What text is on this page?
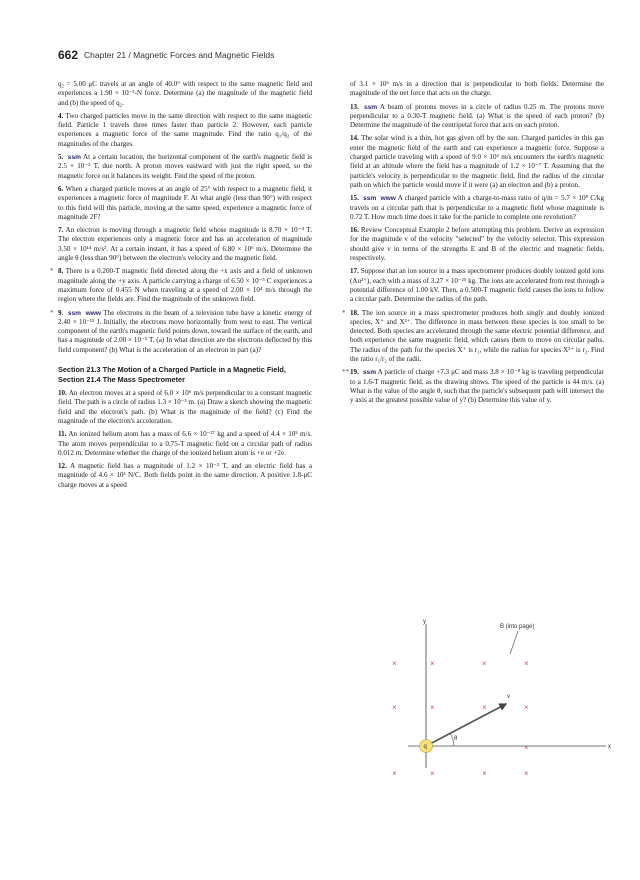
662 Chapter 21 / Magnetic Forces and Magnetic Fields

q₂ = 5.00 μC travels at an angle of 40.0° with respect to the same magnetic field and experiences a 1.90 × 10⁻³-N force. Determine (a) the magnitude of the magnetic field and (b) the speed of q₂.

4. Two charged particles move in the same direction with respect to the same magnetic field. Particle 1 travels three times faster than particle 2. However, each particle experiences a magnetic force of the same magnitude. Find the ratio q₁/q₂ of the magnitudes of the charges.

5. ssm At a certain location, the horizontal component of the earth's magnetic field is 2.5 × 10⁻⁵ T, due north. A proton moves eastward with just the right speed, so the magnetic force on it balances its weight. Find the speed of the proton.

6. When a charged particle moves at an angle of 25° with respect to a magnetic field, it experiences a magnetic force of magnitude F. At what angle (less than 90°) with respect to this field will this particle, moving at the same speed, experience a magnetic force of magnitude 2F?

7. An electron is moving through a magnetic field whose magnitude is 8.70 × 10⁻⁴ T. The electron experiences only a magnetic force and has an acceleration of magnitude 3.50 × 10¹⁴ m/s². At a certain instant, it has a speed of 6.80 × 10⁶ m/s. Determine the angle θ (less than 90°) between the electron's velocity and the magnetic field.

* 8. There is a 0.200-T magnetic field directed along the +x axis and a field of unknown magnitude along the +y axis. A particle carrying a charge of 6.50 × 10⁻⁵ C experiences a maximum force of 0.455 N when traveling at a speed of 2.00 × 10⁴ m/s through the region where the fields are. Find the magnitude of the unknown field.

* 9. ssm www The electrons in the beam of a television tube have a kinetic energy of 2.40 × 10⁻¹⁵ J. Initially, the electrons move horizontally from west to east. The vertical component of the earth's magnetic field points down, toward the surface of the earth, and has a magnitude of 2.00 × 10⁻⁵ T. (a) In what direction are the electrons deflected by this field component? (b) What is the acceleration of an electron in part (a)?

Section 21.3 The Motion of a Charged Particle in a Magnetic Field, Section 21.4 The Mass Spectrometer

10. An electron moves at a speed of 6.0 × 10⁶ m/s perpendicular to a constant magnetic field. The path is a circle of radius 1.3 × 10⁻³ m. (a) Draw a sketch showing the magnetic field and the electron's path. (b) What is the magnitude of the field? (c) Find the magnitude of the electron's acceleration.

11. An ionized helium atom has a mass of 6.6 × 10⁻²⁷ kg and a speed of 4.4 × 10⁵ m/s. The atom moves perpendicular to a 0.75-T magnetic field on a circular path of radius 0.012 m. Determine whether the charge of the ionized helium atom is +e or +2e.

12. A magnetic field has a magnitude of 1.2 × 10⁻³ T, and an electric field has a magnitude of 4.6 × 10³ N/C. Both fields point in the same direction. A positive 1.8-μC charge moves at a speed

of 3.1 × 10⁶ m/s in a direction that is perpendicular to both fields. Determine the magnitude of the net force that acts on the charge.

13. ssm A beam of protons moves in a circle of radius 0.25 m. The protons move perpendicular to a 0.30-T magnetic field. (a) What is the speed of each proton? (b) Determine the magnitude of the centripetal force that acts on each proton.

14. The solar wind is a thin, hot gas given off by the sun. Charged particles in this gas enter the magnetic field of the earth and can experience a magnetic force. Suppose a charged particle traveling with a speed of 9.0 × 10⁶ m/s encounters the earth's magnetic field at an altitude where the field has a magnitude of 1.2 × 10⁻⁷ T. Assuming that the particle's velocity is perpendicular to the magnetic field, find the radius of the circular path on which the particle would move if it were (a) an electron and (b) a proton.

15. ssm www A charged particle with a charge-to-mass ratio of q/m = 5.7 × 10⁸ C/kg travels on a circular path that is perpendicular to a magnetic field whose magnitude is 0.72 T. How much time does it take for the particle to complete one revolution?

16. Review Conceptual Example 2 before attempting this problem. Derive an expression for the magnitude v of the velocity "selected" by the velocity selector. This expression should give v in terms of the strengths E and B of the electric and magnetic fields, respectively.

17. Suppose that an ion source in a mass spectrometer produces doubly ionized gold ions (Au²⁺), each with a mass of 3.27 × 10⁻²⁵ kg. The ions are accelerated from rest through a potential difference of 1.00 kV. Then, a 0.500-T magnetic field causes the ions to follow a circular path. Determine the radius of the path.

* 18. The ion source in a mass spectrometer produces both singly and doubly ionized species, X⁺ and X²⁺. The difference in mass between these species is too small to be detected. Both species are accelerated through the same electric potential difference, and both experience the same magnetic field, which causes them to move on circular paths. The radius of the path for the species X⁺ is r₁, while the radius for species X²⁺ is r₂. Find the ratio r₁/r₂ of the radii.

** 19. ssm A particle of charge +7.3 μC and mass 3.8 × 10⁻⁸ kg is traveling perpendicular to a 1.6-T magnetic field, as the drawing shows. The speed of the particle is 44 m/s. (a) What is the value of the angle θ, such that the particle's subsequent path will intersect the y axis at the greatest possible value of y? (b) Determine this value of y.

y
x
×	×	×	×
×	×	×	×
×	×	×	×
×
B (into page)
v
θ
q
